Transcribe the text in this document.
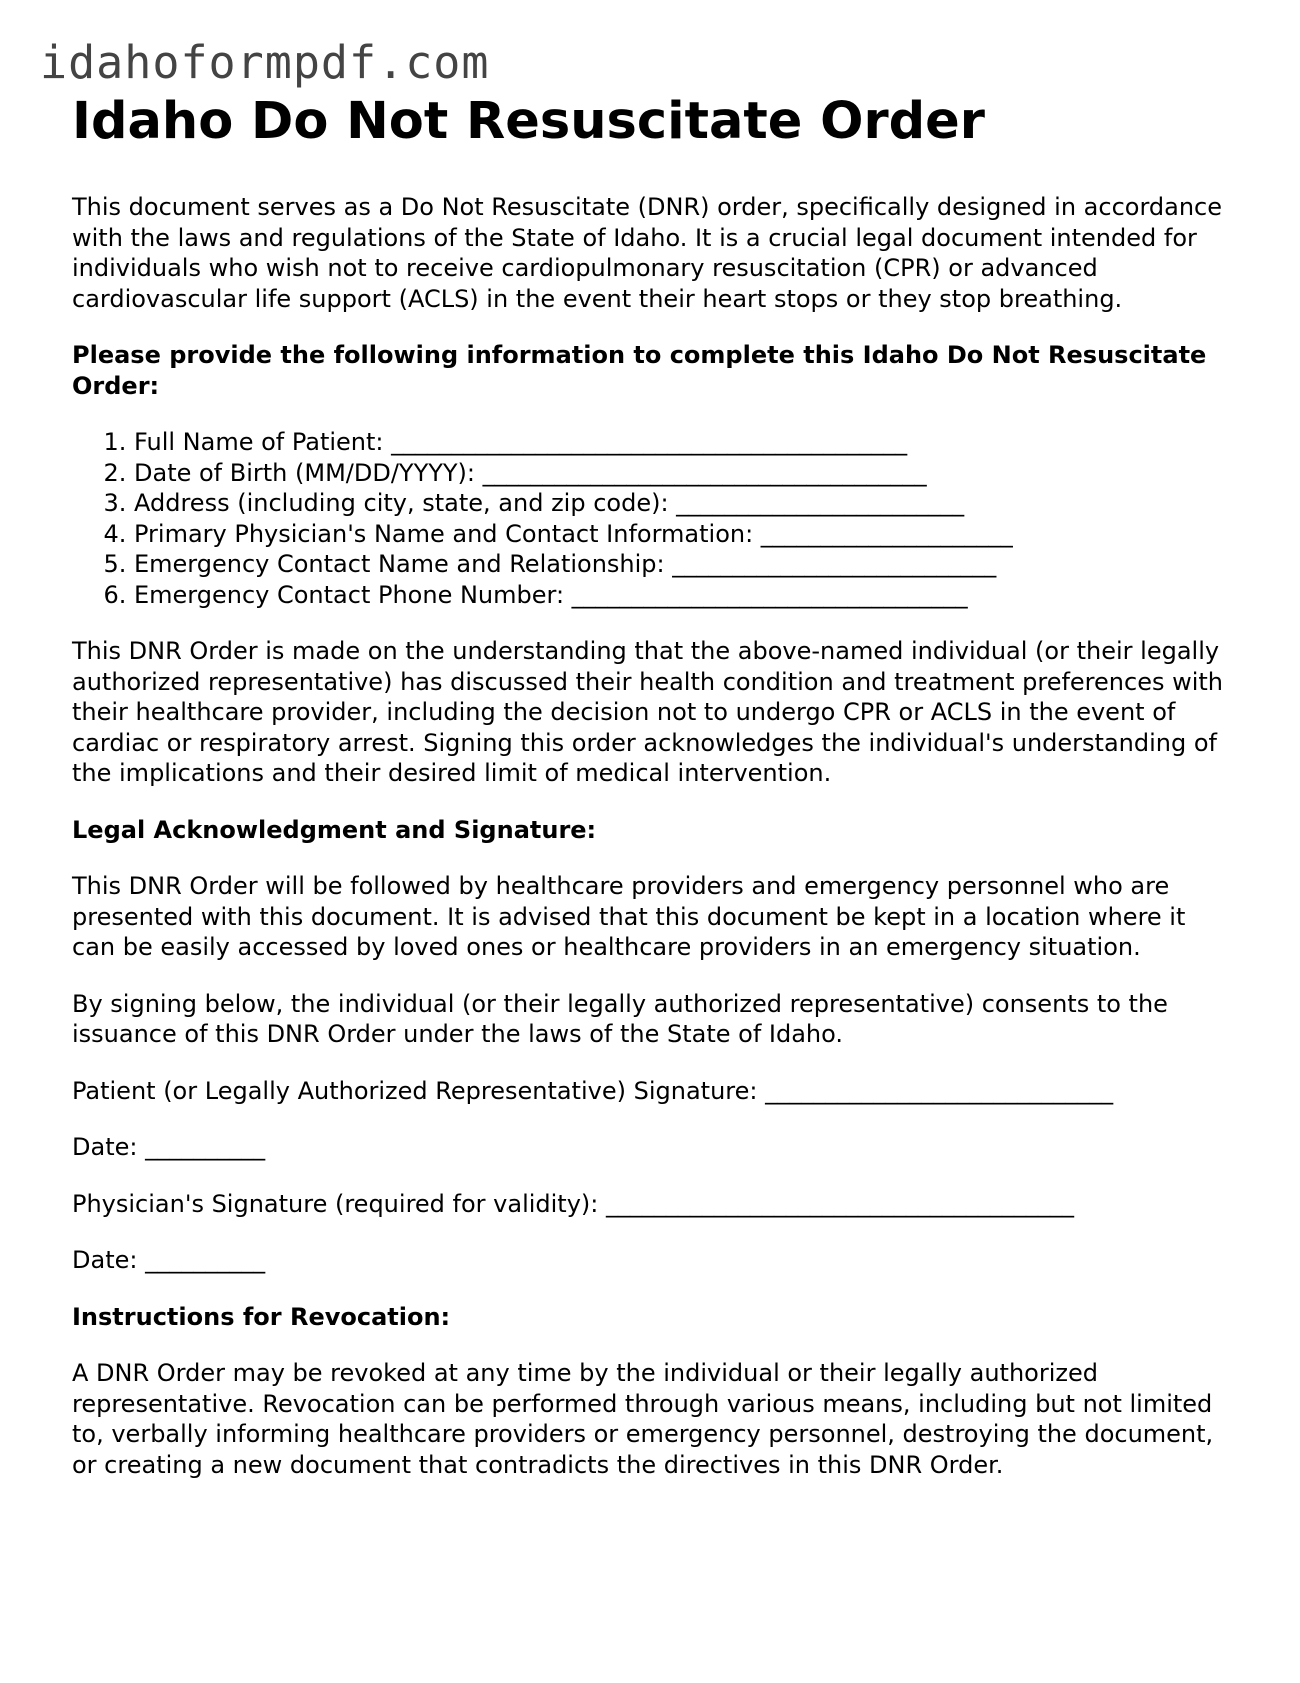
idahoformpdf.com
Idaho Do Not Resuscitate Order

This document serves as a Do Not Resuscitate (DNR) order, specifically designed in accordance with the laws and regulations of the State of Idaho. It is a crucial legal document intended for individuals who wish not to receive cardiopulmonary resuscitation (CPR) or advanced cardiovascular life support (ACLS) in the event their heart stops or they stop breathing.

Please provide the following information to complete this Idaho Do Not Resuscitate Order:

1. Full Name of Patient: ___________________________________________
2. Date of Birth (MM/DD/YYYY): _____________________________________
3. Address (including city, state, and zip code): ________________________
4. Primary Physician's Name and Contact Information: _____________________
5. Emergency Contact Name and Relationship: ___________________________
6. Emergency Contact Phone Number: _________________________________

This DNR Order is made on the understanding that the above-named individual (or their legally authorized representative) has discussed their health condition and treatment preferences with their healthcare provider, including the decision not to undergo CPR or ACLS in the event of cardiac or respiratory arrest. Signing this order acknowledges the individual's understanding of the implications and their desired limit of medical intervention.

Legal Acknowledgment and Signature:

This DNR Order will be followed by healthcare providers and emergency personnel who are presented with this document. It is advised that this document be kept in a location where it can be easily accessed by loved ones or healthcare providers in an emergency situation.

By signing below, the individual (or their legally authorized representative) consents to the issuance of this DNR Order under the laws of the State of Idaho.

Patient (or Legally Authorized Representative) Signature: _____________________________

Date: __________

Physician's Signature (required for validity): _______________________________________

Date: __________

Instructions for Revocation:

A DNR Order may be revoked at any time by the individual or their legally authorized representative. Revocation can be performed through various means, including but not limited to, verbally informing healthcare providers or emergency personnel, destroying the document, or creating a new document that contradicts the directives in this DNR Order.
